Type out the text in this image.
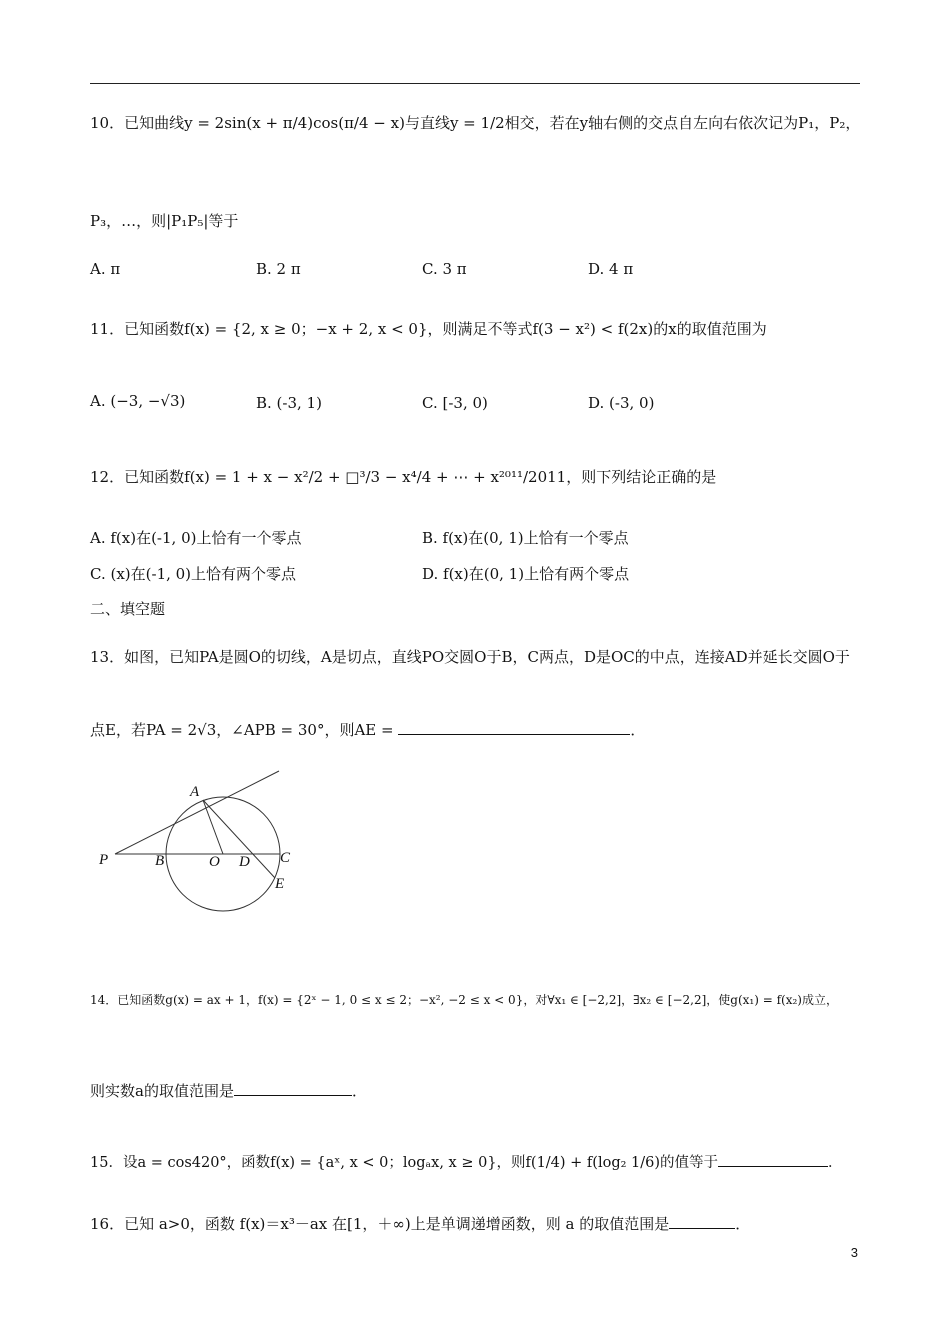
10．已知曲线y = 2sin(x + π/4)cos(π/4 − x)与直线y = 1/2相交，若在y轴右侧的交点自左向右依次记为P₁，P₂，
P₃，…，则|P₁P₅|等于
A. π	B. 2 π	C. 3 π	D. 4 π
11．已知函数f(x) = {2, x ≥ 0；−x + 2, x < 0}，则满足不等式f(3 − x²) < f(2x)的x的取值范围为
A. (−3, −√3)	B. (-3, 1)	C. [-3, 0)	D. (-3, 0)
12．已知函数f(x) = 1 + x − x²/2 + □³/3 − x⁴/4 + ⋯ + x²⁰¹¹/2011，则下列结论正确的是
A. f(x)在(-1, 0)上恰有一个零点	B. f(x)在(0, 1)上恰有一个零点
C. (x)在(-1, 0)上恰有两个零点	D. f(x)在(0, 1)上恰有两个零点
二、填空题
13．如图，已知PA是圆O的切线，A是切点，直线PO交圆O于B，C两点，D是OC的中点，连接AD并延长交圆O于
点E，若PA = 2√3，∠APB = 30°，则AE =	．
A
P	B	O D C
E
14．已知函数g(x) = ax + 1，f(x) = {2ˣ − 1, 0 ≤ x ≤ 2；−x², −2 ≤ x < 0}，对∀x₁ ∈ [−2,2]，∃x₂ ∈ [−2,2]，使g(x₁) = f(x₂)成立，
则实数a的取值范围是	．
15．设a = cos420°，函数f(x) = {aˣ, x < 0；logₐx, x ≥ 0}，则f(1/4) + f(log₂ 1/6)的值等于	．
16．已知 a>0，函数 f(x)＝x³－ax 在[1，＋∞)上是单调递增函数，则 a 的取值范围是	．
3
